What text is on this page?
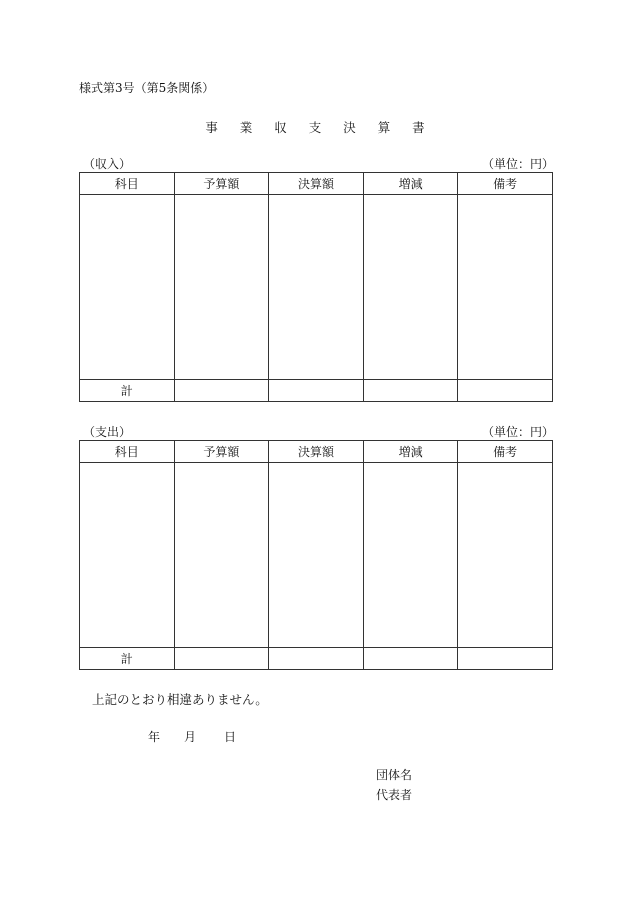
様式第3号（第5条関係）
事 業 収 支 決 算 書
（収入）	（単位：円）
科目	予算額	決算額	増減	備考

計				
（支出）	（単位：円）
科目	予算額	決算額	増減	備考

計				
上記のとおり相違ありません。
年 月 日
団体名
代表者
